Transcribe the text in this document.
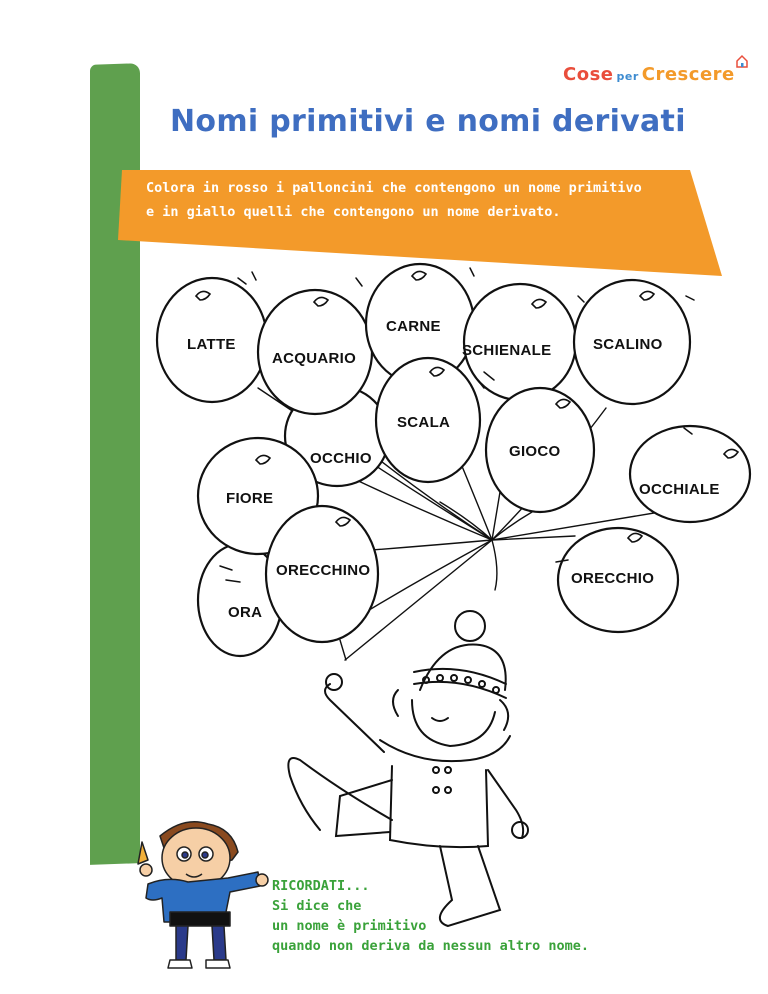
Cose per Crescere
Nomi primitivi e nomi derivati
Colora in rosso i palloncini che contengono un nome primitivo
e in giallo quelli che contengono un nome derivato.
LATTE
ACQUARIO
CARNE
SCHIENALE	SCALINO
SCALA
OCCHIO	GIOCO
FIORE
OCCHIALE
ORECCHINO	ORECCHIO
ORA
RICORDATI...
Si dice che
un nome è primitivo
quando non deriva da nessun altro nome.
